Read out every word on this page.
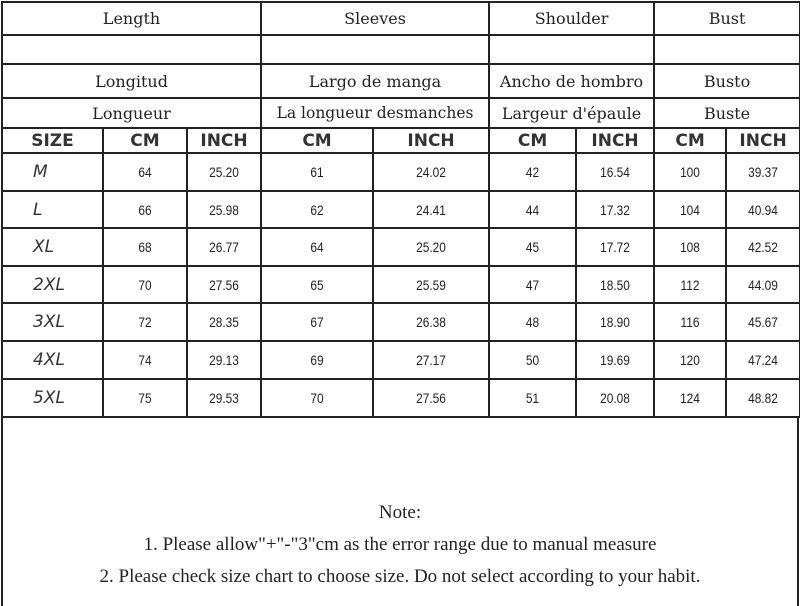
Length			Sleeves		Shoulder		Bust	

Longitud			Largo de manga		Ancho de hombro		Busto	
Longueur			La longueur desmanches		Largeur d'épaule		Buste	
SIZE	CM	INCH	CM	INCH	CM	INCH	CM	INCH
M	64	25.20	61	24.02	42	16.54	100	39.37
L	66	25.98	62	24.41	44	17.32	104	40.94
XL	68	26.77	64	25.20	45	17.72	108	42.52
2XL	70	27.56	65	25.59	47	18.50	112	44.09
3XL	72	28.35	67	26.38	48	18.90	116	45.67
4XL	74	29.13	69	27.17	50	19.69	120	47.24
5XL	75	29.53	70	27.56	51	20.08	124	48.82
Note:
1. Please allow"+"-"3"cm as the error range due to manual measure
2. Please check size chart to choose size. Do not select according to your habit.
